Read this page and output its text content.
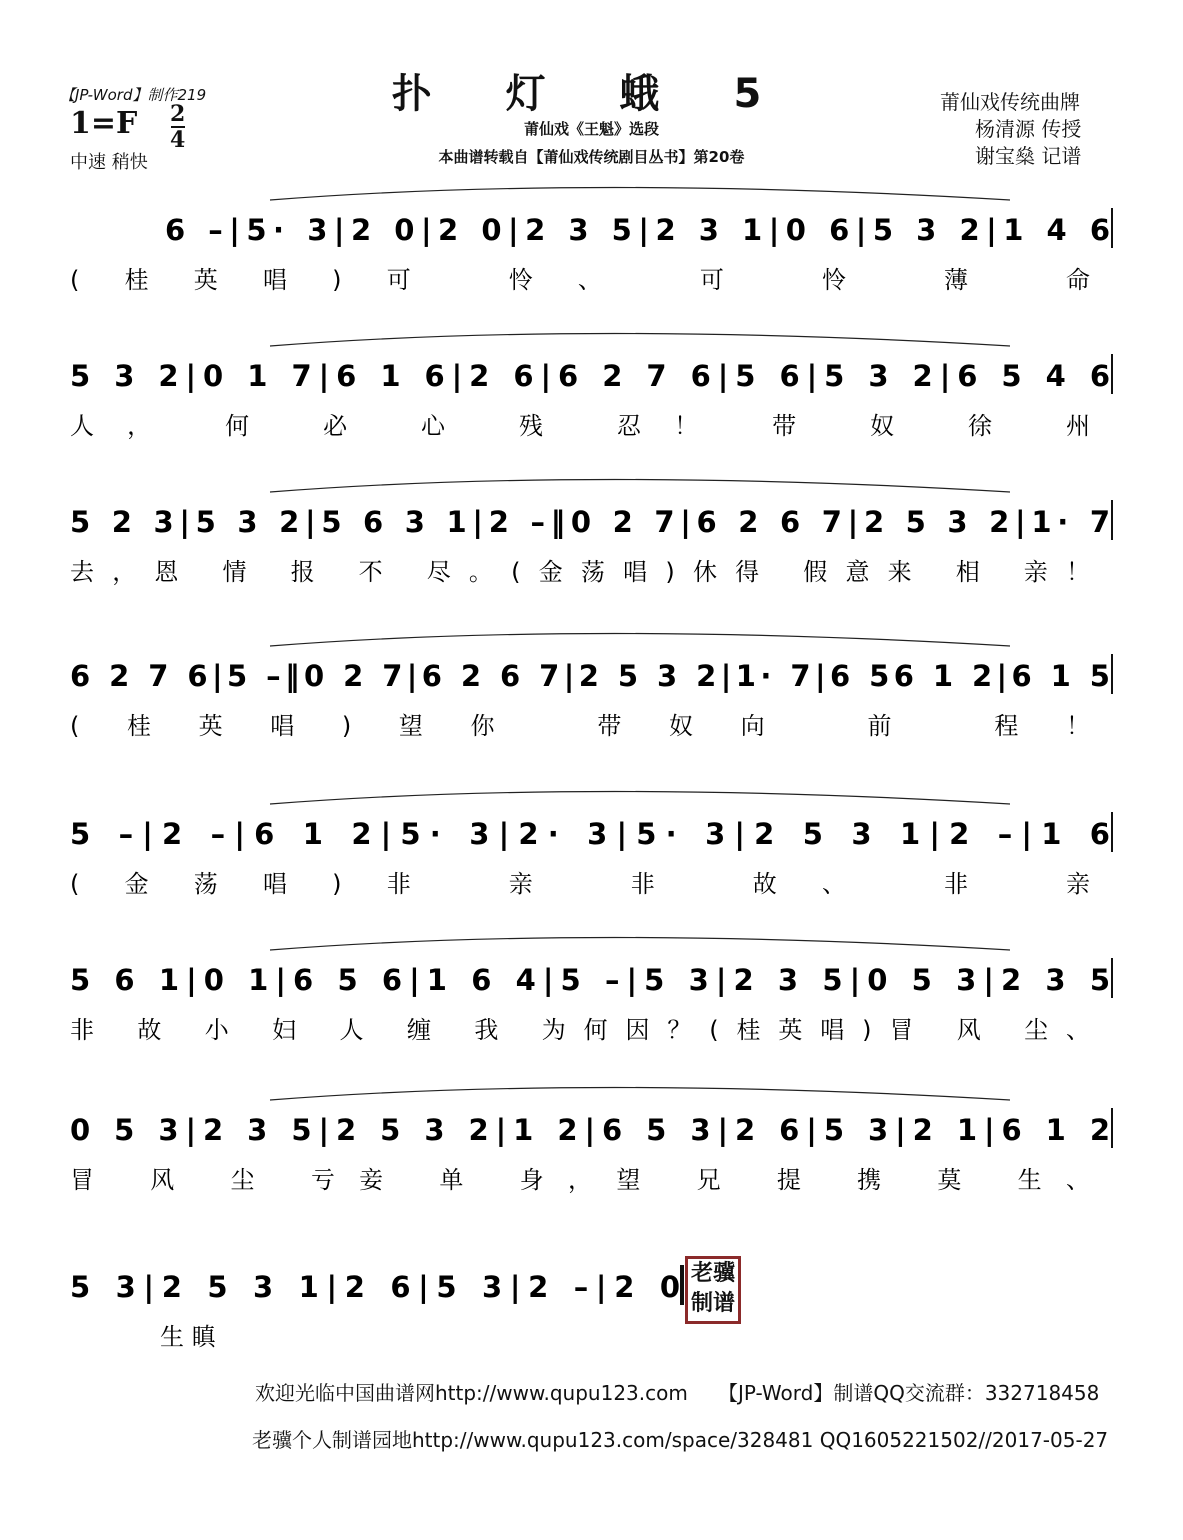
【JP-Word】制作219	扑 灯 蛾 5
莆仙戏《王魁》选段
本曲谱转载自【莆仙戏传统剧目丛书】第20卷
莆仙戏传统曲牌
杨清源 传授
谢宝燊 记谱
1=F 2
4
中速 稍快
6 –|5· 3|2 0|2 0|2 3 5|2 3 1|0 6|5 3 2|1 4 6
(桂英唱)可 怜、 可 怜 薄 命
5 3 2|0 1 7|6 1 6|2 6|6 2 7 6|5 6|5 3 2|6 5 4 6
人， 何 必 心 残 忍！ 带 奴 徐 州
5 2 3|5 3 2|5 6 3 1|2 –‖0 2 7|6 2 6 7|2 5 3 2|1· 7
去，恩 情 报 不 尽。(金荡唱)休得 假意来 相 亲！
6 2 7 6|5 –‖0 2 7|6 2 6 7|2 5 3 2|1· 7|6 56 1 2|6 1 5
(桂英唱)望你 带奴向 前 程！
5 –|2 –|6 1 2|5· 3|2· 3|5· 3|2 5 3 1|2 –|1 6
(金荡唱)非 亲 非 故、 非 亲
5 6 1|0 1|6 5 6|1 6 4|5 –|5 3|2 3 5|0 5 3|2 3 5
非 故 小 妇 人 缠 我 为何因？(桂英唱)冒 风 尘、
0 5 3|2 3 5|2 5 3 2|1 2|6 5 3|2 6|5 3|2 1|6 1 2
冒 风 尘 亏妾 单 身，望 兄 提 携 莫 生、
5 3|2 5 3 1|2 6|5 3|2 –|2 0
生 瞋
老骥
制谱
欢迎光临中国曲谱网http://www.qupu123.com 【JP-Word】制谱QQ交流群：332718458
老骥个人制谱园地http://www.qupu123.com/space/328481 QQ1605221502//2017-05-27
